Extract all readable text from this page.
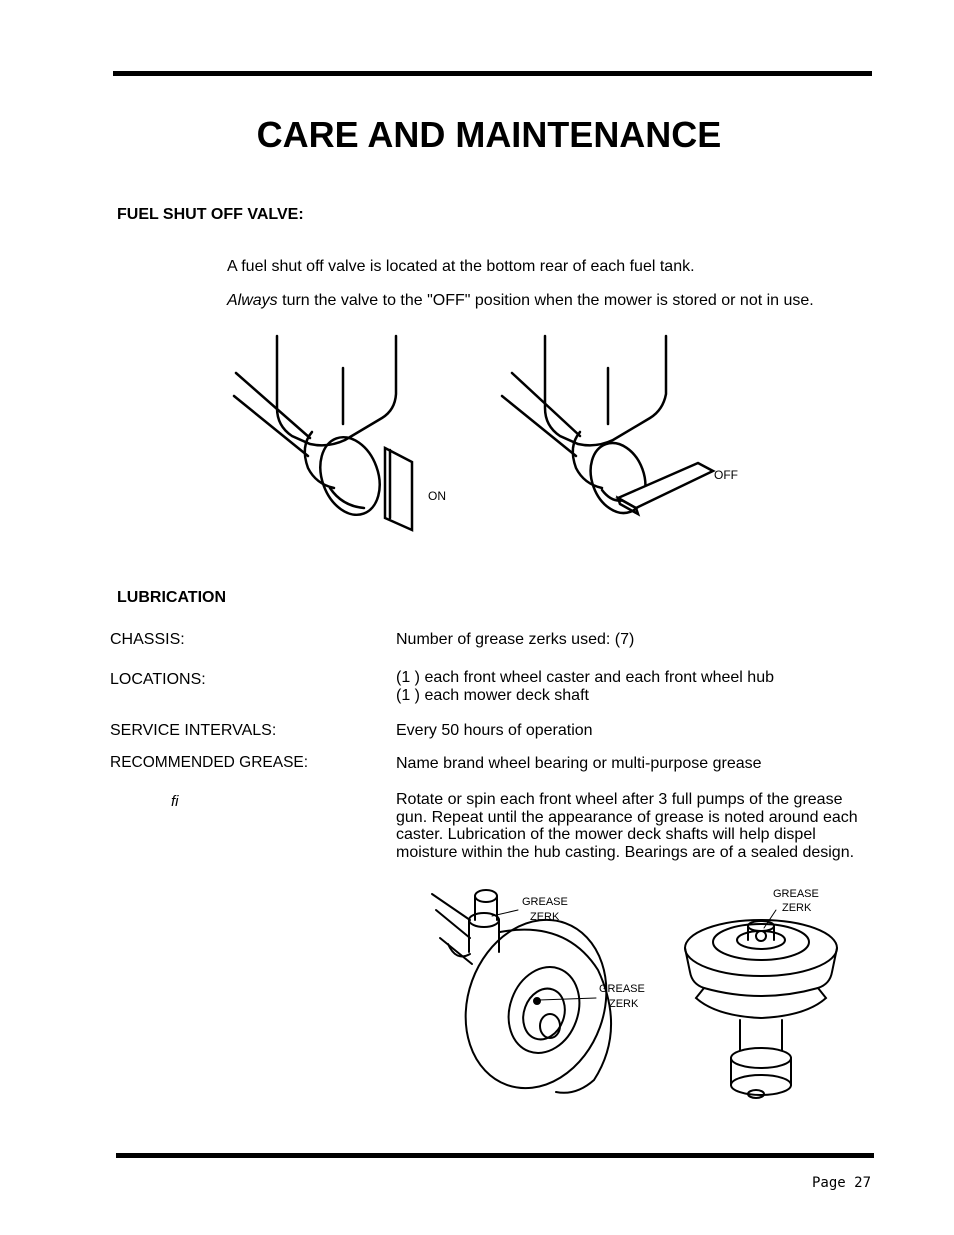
CARE AND MAINTENANCE
FUEL SHUT OFF VALVE:
A fuel shut off valve is located at the bottom rear of each fuel tank.
Always turn the valve to the "OFF" position when the mower is stored or not in use.
ON
OFF
LUBRICATION
CHASSIS:	Number of grease zerks used: (7)
LOCATIONS:	(1 ) each front wheel caster and each front wheel hub
(1 ) each mower deck shaft
SERVICE INTERVALS:	Every 50 hours of operation
RECOMMENDED GREASE:	Name brand wheel bearing or multi-purpose grease
fi	Rotate or spin each front wheel after 3 full pumps of the grease
gun. Repeat until the appearance of grease is noted around each
caster. Lubrication of the mower deck shafts will help dispel
moisture within the hub casting. Bearings are of a sealed design.
GREASE
ZERK
GREASE
ZERK
GREASE
ZERK
Page 27
